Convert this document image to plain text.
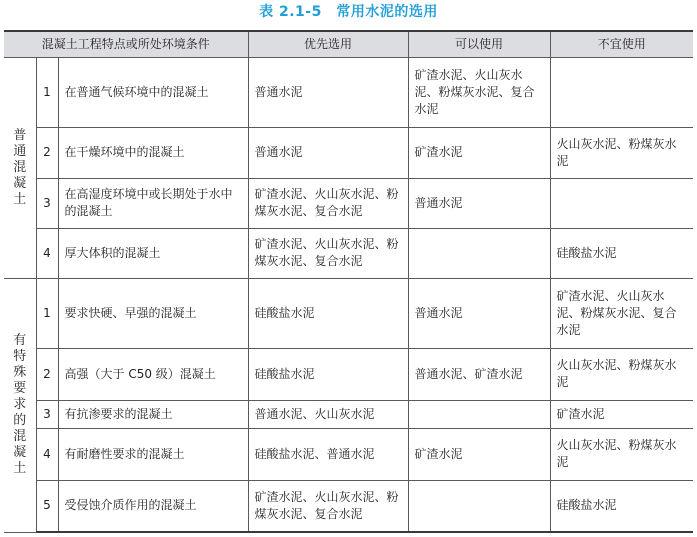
表 2.1-5　常用水泥的选用
混凝土工程特点或所处环境条件			优先选用	可以使用	不宜使用
普通混凝土	1	在普通气候环境中的混凝土	普通水泥	矿渣水泥、火山灰水泥、粉煤灰水泥、复合水泥	
	2	在干燥环境中的混凝土	普通水泥	矿渣水泥	火山灰水泥、粉煤灰水泥
	3	在高湿度环境中或长期处于水中的混凝土	矿渣水泥、火山灰水泥、粉煤灰水泥、复合水泥	普通水泥	
	4	厚大体积的混凝土	矿渣水泥、火山灰水泥、粉煤灰水泥、复合水泥		硅酸盐水泥
有特殊要求的混凝土	1	要求快硬、早强的混凝土	硅酸盐水泥	普通水泥	矿渣水泥、火山灰水泥、粉煤灰水泥、复合水泥
	2	高强（大于 C50 级）混凝土	硅酸盐水泥	普通水泥、矿渣水泥	火山灰水泥、粉煤灰水泥
	3	有抗渗要求的混凝土	普通水泥、火山灰水泥		矿渣水泥
	4	有耐磨性要求的混凝土	硅酸盐水泥、普通水泥	矿渣水泥	火山灰水泥、粉煤灰水泥
	5	受侵蚀介质作用的混凝土	矿渣水泥、火山灰水泥、粉煤灰水泥、复合水泥		硅酸盐水泥
